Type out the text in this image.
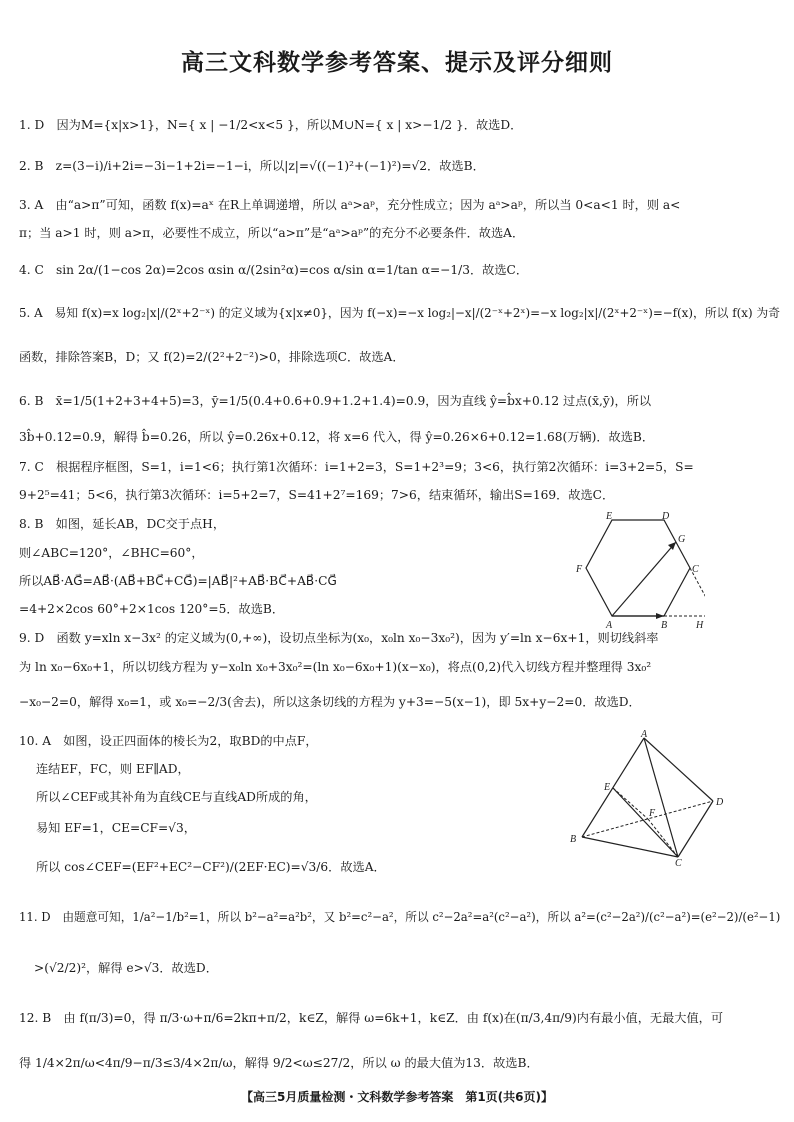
高三文科数学参考答案、提示及评分细则
1. D　因为M={x|x>1}，N={ x | −1/2<x<5 }，所以M∪N={ x | x>−1/2 }．故选D．
2. B　z=(3−i)/i+2i=−3i−1+2i=−1−i，所以|z|=√((−1)²+(−1)²)=√2．故选B．
3. A　由“a>π”可知，函数 f(x)=aˣ 在R上单调递增，所以 aᵃ>aᵖ，充分性成立；因为 aᵃ>aᵖ，所以当 0<a<1 时，则 a<
π；当 a>1 时，则 a>π，必要性不成立，所以“a>π”是“aᵃ>aᵖ”的充分不必要条件．故选A．
4. C　sin 2α/(1−cos 2α)=2cos αsin α/(2sin²α)=cos α/sin α=1/tan α=−1/3．故选C．
5. A　易知 f(x)=x log₂|x|/(2ˣ+2⁻ˣ) 的定义域为{x|x≠0}，因为 f(−x)=−x log₂|−x|/(2⁻ˣ+2ˣ)=−x log₂|x|/(2ˣ+2⁻ˣ)=−f(x)，所以 f(x) 为奇
函数，排除答案B，D；又 f(2)=2/(2²+2⁻²)>0，排除选项C．故选A．
6. B　x̄=1/5(1+2+3+4+5)=3，ȳ=1/5(0.4+0.6+0.9+1.2+1.4)=0.9，因为直线 ŷ=b̂x+0.12 过点(x̄,ȳ)，所以
3b̂+0.12=0.9，解得 b̂=0.26，所以 ŷ=0.26x+0.12，将 x=6 代入，得 ŷ=0.26×6+0.12=1.68(万辆)．故选B．
7. C　根据程序框图，S=1，i=1<6；执行第1次循环：i=1+2=3，S=1+2³=9；3<6，执行第2次循环：i=3+2=5，S=
9+2⁵=41；5<6，执行第3次循环：i=5+2=7，S=41+2⁷=169；7>6，结束循环，输出S=169．故选C．
8. B　如图，延长AB，DC交于点H，
则∠ABC=120°，∠BHC=60°，
所以AB⃗·AG⃗=AB⃗·(AB⃗+BC⃗+CG⃗)=|AB⃗|²+AB⃗·BC⃗+AB⃗·CG⃗
=4+2×2cos 60°+2×1cos 120°=5．故选B．
9. D　函数 y=xln x−3x² 的定义域为(0,+∞)，设切点坐标为(x₀，x₀ln x₀−3x₀²)，因为 y′=ln x−6x+1，则切线斜率
为 ln x₀−6x₀+1，所以切线方程为 y−x₀ln x₀+3x₀²=(ln x₀−6x₀+1)(x−x₀)，将点(0,2)代入切线方程并整理得 3x₀²
−x₀−2=0，解得 x₀=1，或 x₀=−2/3(舍去)，所以这条切线的方程为 y+3=−5(x−1)，即 5x+y−2=0．故选D．
10. A　如图，设正四面体的棱长为2，取BD的中点F，
连结EF，FC，则 EF∥AD，
所以∠CEF或其补角为直线CE与直线AD所成的角，
易知 EF=1，CE=CF=√3，
所以 cos∠CEF=(EF²+EC²−CF²)/(2EF·EC)=√3/6．故选A．
11. D　由题意可知，1/a²−1/b²=1，所以 b²−a²=a²b²，又 b²=c²−a²，所以 c²−2a²=a²(c²−a²)，所以 a²=(c²−2a²)/(c²−a²)=(e²−2)/(e²−1)
>(√2/2)²，解得 e>√3．故选D．
12. B　由 f(π/3)=0，得 π/3·ω+π/6=2kπ+π/2，k∈Z，解得 ω=6k+1，k∈Z．由 f(x)在(π/3,4π/9)内有最小值，无最大值，可
得 1/4×2π/ω<4π/9−π/3≤3/4×2π/ω，解得 9/2<ω≤27/2，所以 ω 的最大值为13．故选B．
E	D
G
F	C
A	B	H
A
E
F
D
B
C
【高三5月质量检测・文科数学参考答案　第1页(共6页)】
